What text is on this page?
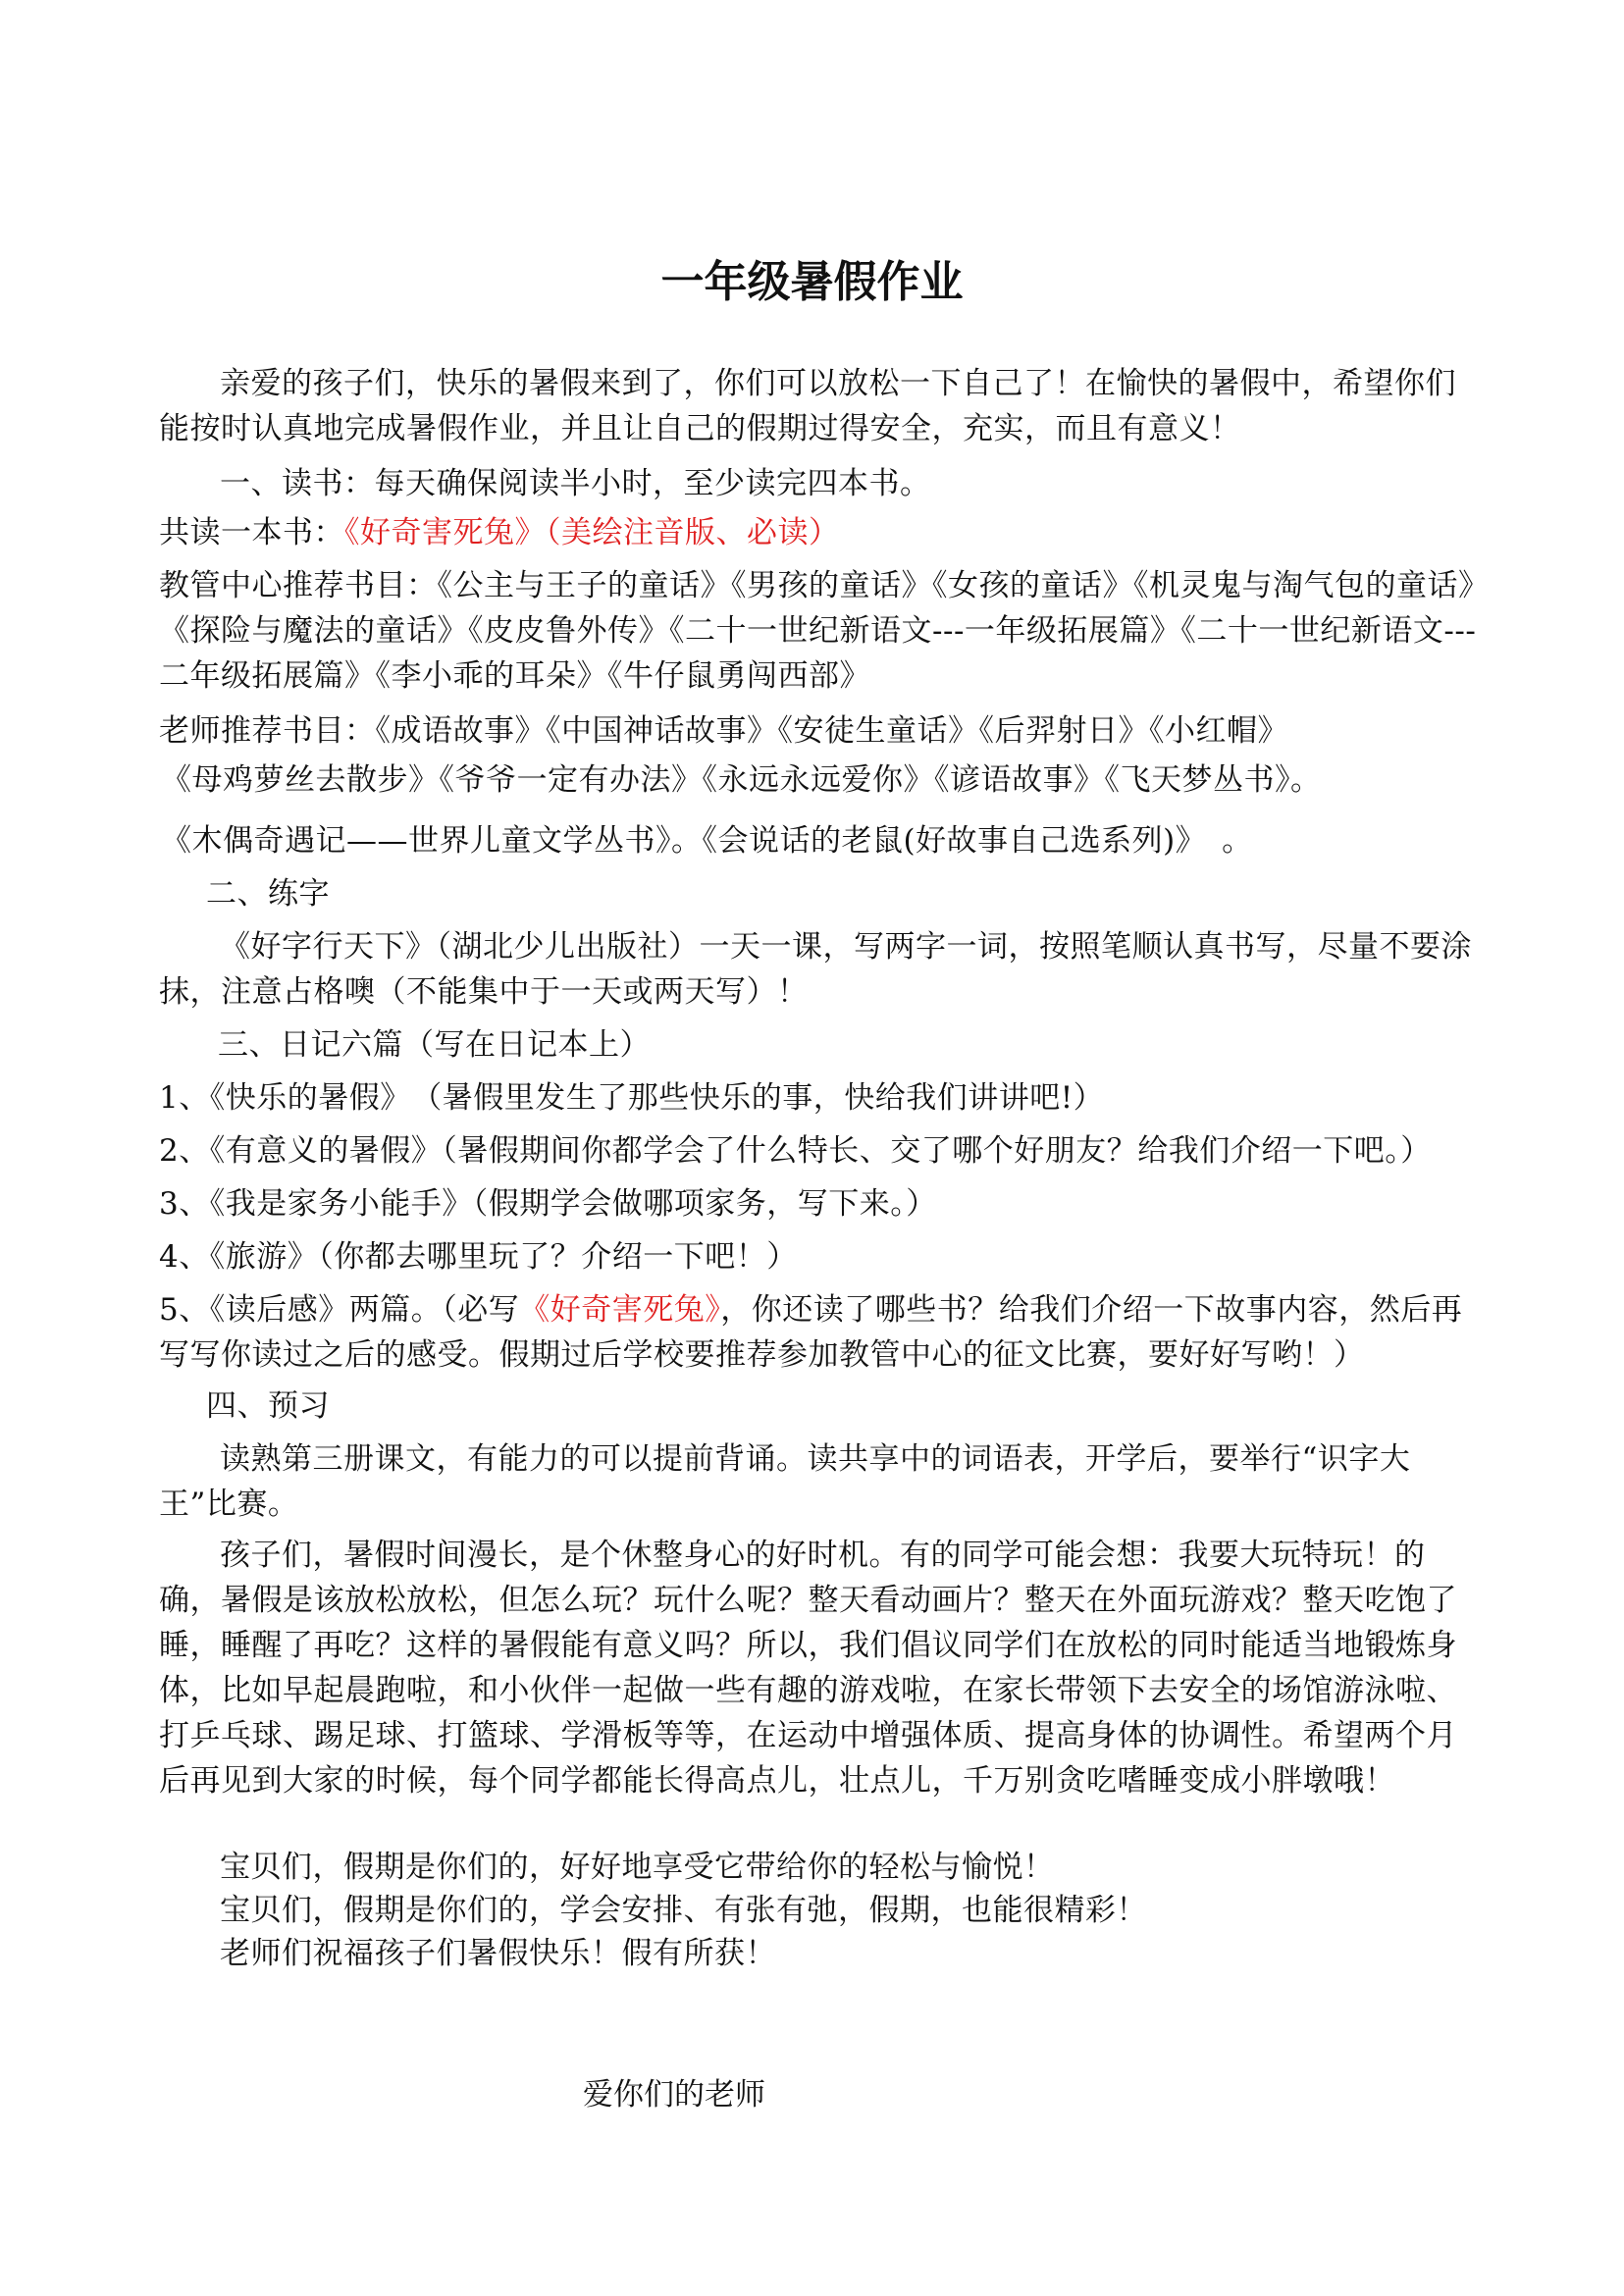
一年级暑假作业

亲爱的孩子们，快乐的暑假来到了，你们可以放松一下自己了！在愉快的暑假中，希望你们能按时认真地完成暑假作业，并且让自己的假期过得安全，充实，而且有意义！

一、读书：每天确保阅读半小时，至少读完四本书。

共读一本书：《好奇害死兔》（美绘注音版、必读）

教管中心推荐书目：《公主与王子的童话》《男孩的童话》《女孩的童话》《机灵鬼与淘气包的童话》《探险与魔法的童话》《皮皮鲁外传》《二十一世纪新语文---一年级拓展篇》《二十一世纪新语文---二年级拓展篇》《李小乖的耳朵》《牛仔鼠勇闯西部》

老师推荐书目：《成语故事》《中国神话故事》《安徒生童话》《后羿射日》《小红帽》

《母鸡萝丝去散步》《爷爷一定有办法》《永远永远爱你》《谚语故事》《飞天梦丛书》。

《木偶奇遇记——世界儿童文学丛书》。《会说话的老鼠(好故事自己选系列)》　。

二、练字

《好字行天下》（湖北少儿出版社）一天一课，写两字一词，按照笔顺认真书写，尽量不要涂抹，注意占格噢（不能集中于一天或两天写）！

三、日记六篇（写在日记本上）

1、《快乐的暑假》　（暑假里发生了那些快乐的事，快给我们讲讲吧!）

2、《有意义的暑假》（暑假期间你都学会了什么特长、交了哪个好朋友？给我们介绍一下吧。）

3、《我是家务小能手》（假期学会做哪项家务，写下来。）

4、《旅游》（你都去哪里玩了？介绍一下吧！）

5、《读后感》两篇。（必写《好奇害死兔》，你还读了哪些书？给我们介绍一下故事内容，然后再写写你读过之后的感受。假期过后学校要推荐参加教管中心的征文比赛，要好好写哟！）

四、预习

读熟第三册课文，有能力的可以提前背诵。读共享中的词语表，开学后，要举行“识字大王”比赛。

孩子们，暑假时间漫长，是个休整身心的好时机。有的同学可能会想：我要大玩特玩！的确，暑假是该放松放松，但怎么玩？玩什么呢？整天看动画片？整天在外面玩游戏？整天吃饱了睡，睡醒了再吃？这样的暑假能有意义吗？所以，我们倡议同学们在放松的同时能适当地锻炼身体，比如早起晨跑啦，和小伙伴一起做一些有趣的游戏啦，在家长带领下去安全的场馆游泳啦、打乒乓球、踢足球、打篮球、学滑板等等，在运动中增强体质、提高身体的协调性。希望两个月后再见到大家的时候，每个同学都能长得高点儿，壮点儿，千万别贪吃嗜睡变成小胖墩哦！

宝贝们，假期是你们的，好好地享受它带给你的轻松与愉悦！

宝贝们，假期是你们的，学会安排、有张有弛，假期，也能很精彩！

老师们祝福孩子们暑假快乐！假有所获！

爱你们的老师
